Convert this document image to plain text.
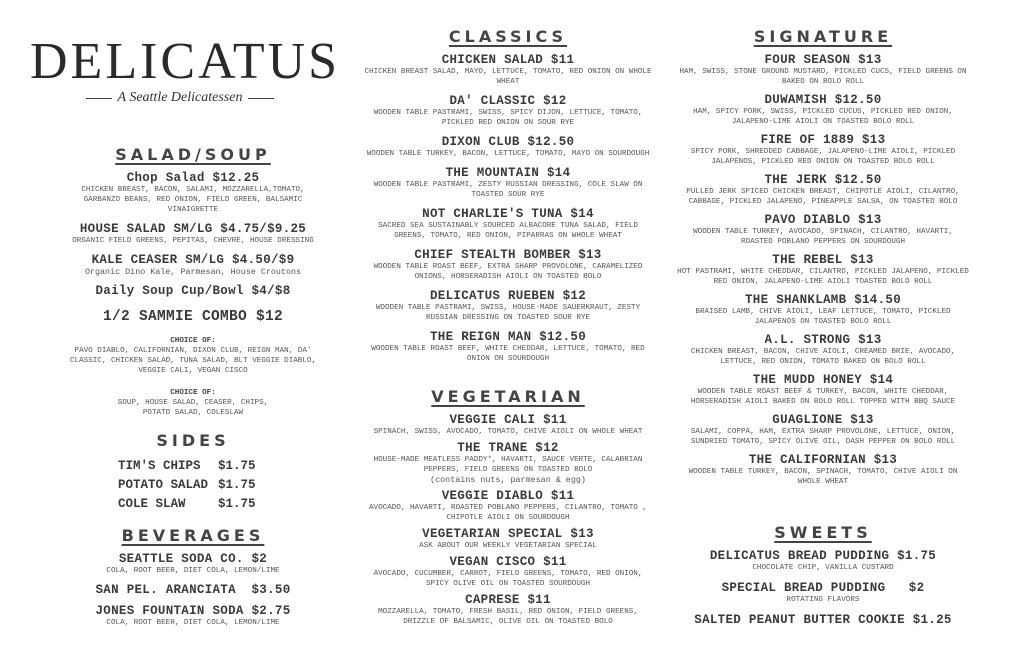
DELICATUS
A Seattle Delicatessen
SALAD/SOUP
Chop Salad $12.25
CHICKEN BREAST, BACON, SALAMI, MOZZARELLA,TOMATO, GARBANZO BEANS, RED ONION, FIELD GREEN, BALSAMIC VINAIGRETTE
HOUSE SALAD SM/LG $4.75/$9.25
ORGANIC FIELD GREENS, PEPITAS, CHEVRE, HOUSE DRESSING
KALE CEASER SM/LG $4.50/$9
Organic Dino Kale, Parmesan, House Croutons
Daily Soup Cup/Bowl $4/$8
1/2 SAMMIE COMBO $12
CHOICE OF:
PAVO DIABLO, CALIFORNIAN, DIXON CLUB, REIGN MAN, DA' CLASSIC, CHICKEN SALAD, TUNA SALAD, BLT VEGGIE DIABLO, VEGGIE CALI, VEGAN CISCO
CHOICE OF:
SOUP, HOUSE SALAD, CEASER, CHIPS, POTATO SALAD, COLESLAW
SIDES
TIM'S CHIPS	$1.75
POTATO SALAD $1.75
COLE SLAW	$1.75
BEVERAGES
SEATTLE SODA CO. $2
COLA, ROOT BEER, DIET COLA, LEMON/LIME
SAN PEL. ARANCIATA  $3.50
JONES FOUNTAIN SODA $2.75
COLA, ROOT BEER, DIET COLA, LEMON/LIME
CLASSICS
CHICKEN SALAD $11
CHICKEN BREAST SALAD, MAYO, LETTUCE, TOMATO, RED ONION ON WHOLE WHEAT
DA' CLASSIC $12
WOODEN TABLE PASTRAMI, SWISS, SPICY DIJON, LETTUCE, TOMATO, PICKLED RED ONION ON SOUR RYE
DIXON CLUB $12.50
WOODEN TABLE TURKEY, BACON, LETTUCE, TOMATO, MAYO ON SOURDOUGH
THE MOUNTAIN $14
WOODEN TABLE PASTRAMI, ZESTY RUSSIAN DRESSING, COLE SLAW ON TOASTED SOUR RYE
NOT CHARLIE'S TUNA $14
SACRED SEA SUSTAINABLY SOURCED ALBACORE TUNA SALAD, FIELD GREENS, TOMATO, RED ONION, PIPARRAS ON WHOLE WHEAT
CHIEF STEALTH BOMBER $13
WOODEN TABLE ROAST BEEF, EXTRA SHARP PROVOLONE, CARAMELIZED ONIONS, HORSERADISH AIOLI ON TOASTED BOLO
DELICATUS RUEBEN $12
WOODEN TABLE PASTRAMI, SWISS, HOUSE-MADE SAUERKRAUT, ZESTY RUSSIAN DRESSING ON TOASTED SOUR RYE
THE REIGN MAN $12.50
WOODEN TABLE ROAST BEEF, WHITE CHEDDAR, LETTUCE, TOMATO, RED ONION ON SOURDOUGH
VEGETARIAN
VEGGIE CALI $11
SPINACH, SWISS, AVOCADO, TOMATO, CHIVE AIOLI ON WHOLE WHEAT
THE TRANE $12
HOUSE-MADE MEATLESS PADDY*, HAVARTI, SAUCE VERTE, CALABRIAN PEPPERS, FIELD GREENS ON TOASTED BOLO
(contains nuts, parmesan & egg)
VEGGIE DIABLO $11
AVOCADO, HAVARTI, ROASTED POBLANO PEPPERS, CILANTRO, TOMATO , CHIPOTLE AIOLI ON SOURDOUGH
VEGETARIAN SPECIAL $13
ASK ABOUT OUR WEEKLY VEGETARIAN SPECIAL
VEGAN CISCO $11
AVOCADO, CUCUMBER, CARROT, FIELD GREENS, TOMATO, RED ONION, SPICY OLIVE OIL ON TOASTED SOURDOUGH
CAPRESE $11
MOZZARELLA, TOMATO, FRESH BASIL, RED ONION, FIELD GREENS, DRIZZLE OF BALSAMIC, OLIVE OIL ON TOASTED BOLO
SIGNATURE
FOUR SEASON $13
HAM, SWISS, STONE GROUND MUSTARD, PICKLED CUCS, FIELD GREENS ON BAKED ON BOLO ROLL
DUWAMISH $12.50
HAM, SPICY PORK, SWISS, PICKLED CUCUS, PICKLED RED ONION, JALAPENO-LIME AIOLI ON TOASTED BOLO ROLL
FIRE OF 1889 $13
SPICY PORK, SHREDDED CABBAGE, JALAPENO-LIME AIOLI, PICKLED JALAPENOS, PICKLED RED ONION ON TOASTED BOLO ROLL
THE JERK $12.50
PULLED JERK SPICED CHICKEN BREAST, CHIPOTLE AIOLI, CILANTRO, CABBAGE, PICKLED JALAPENO, PINEAPPLE SALSA, ON TOASTED BOLO
PAVO DIABLO $13
WOODEN TABLE TURKEY, AVOCADO, SPINACH, CILANTRO, HAVARTI, ROASTED POBLANO PEPPERS ON SOURDOUGH
THE REBEL $13
HOT PASTRAMI, WHITE CHEDDAR, CILANTRO, PICKLED JALAPENO, PICKLED RED ONION, JALAPENO-LIME AIOLI TOASTED BOLO ROLL
THE SHANKLAMB $14.50
BRAISED LAMB, CHIVE AIOLI, LEAF LETTUCE, TOMATO, PICKLED JALAPENOS ON TOASTED BOLO ROLL
A.L. STRONG $13
CHICKEN BREAST, BACON, CHIVE AIOLI, CREAMED BRIE, AVOCADO, LETTUCE, RED ONION, TOMATO BAKED ON BOLO ROLL
THE MUDD HONEY $14
WOODEN TABLE ROAST BEEF & TURKEY, BACON, WHITE CHEDDAR, HORSERADISH AIOLI BAKED ON BOLO ROLL TOPPED WITH BBQ SAUCE
GUAGLIONE $13
SALAMI, COPPA, HAM, EXTRA SHARP PROVOLONE, LETTUCE, ONION, SUNDRIED TOMATO, SPICY OLIVE OIL, DASH PEPPER ON BOLO ROLL
THE CALIFORNIAN $13
WOODEN TABLE TURKEY, BACON, SPINACH, TOMATO, CHIVE AIOLI ON WHOLE WHEAT
SWEETS
DELICATUS BREAD PUDDING $1.75
CHOCOLATE CHIP, VANILLA CUSTARD
SPECIAL BREAD PUDDING   $2
ROTATING FLAVORS
SALTED PEANUT BUTTER COOKIE $1.25
